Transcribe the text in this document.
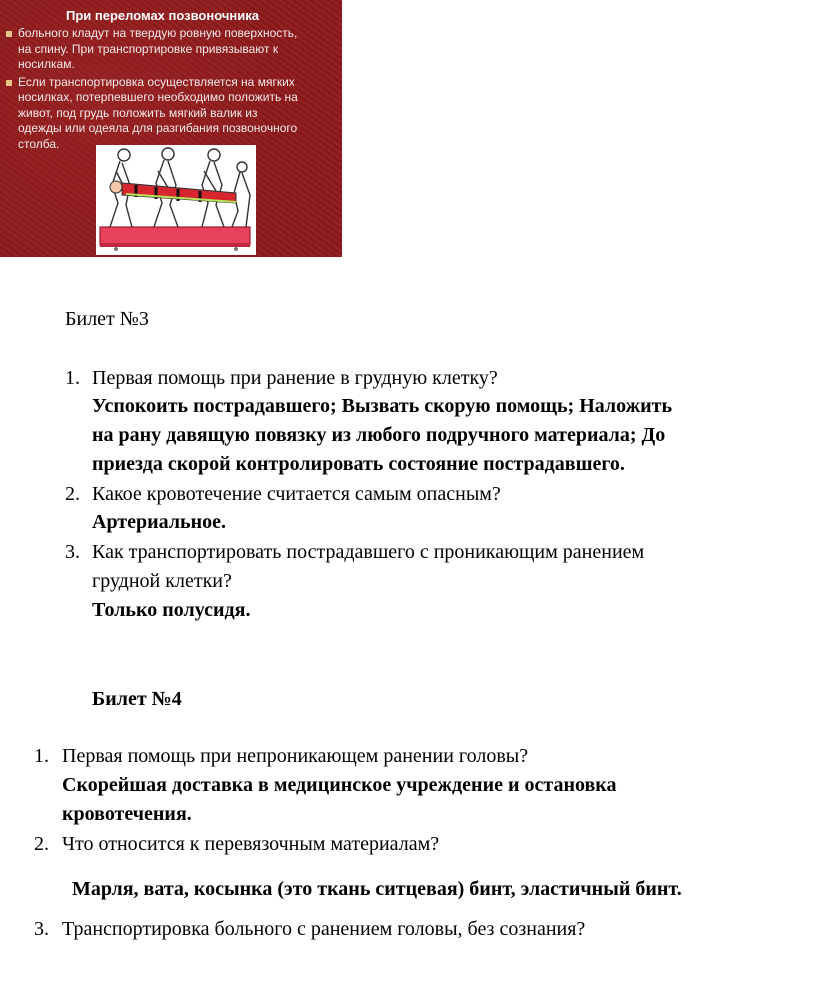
При переломах позвоночника
больного кладут на твердую ровную поверхность,
на спину. При транспортировке привязывают к
носилкам.
Если транспортировка осуществляется на мягких
носилках, потерпевшего необходимо положить на
живот, под грудь положить мягкий валик из
одежды или одеяла для разгибания позвоночного
столба.
Билет №3
1. Первая помощь при ранение в грудную клетку?
Успокоить пострадавшего; Вызвать скорую помощь; Наложить
на рану давящую повязку из любого подручного материала; До
приезда скорой контролировать состояние пострадавшего.
2. Какое кровотечение считается самым опасным?
Артериальное.
3. Как транспортировать пострадавшего с проникающим ранением
грудной клетки?
Только полусидя.
Билет №4
1. Первая помощь при непроникающем ранении головы?
Скорейшая доставка в медицинское учреждение и остановка
кровотечения.
2. Что относится к перевязочным материалам?
Марля, вата, косынка (это ткань ситцевая) бинт, эластичный бинт.
3. Транспортировка больного с ранением головы, без сознания?
